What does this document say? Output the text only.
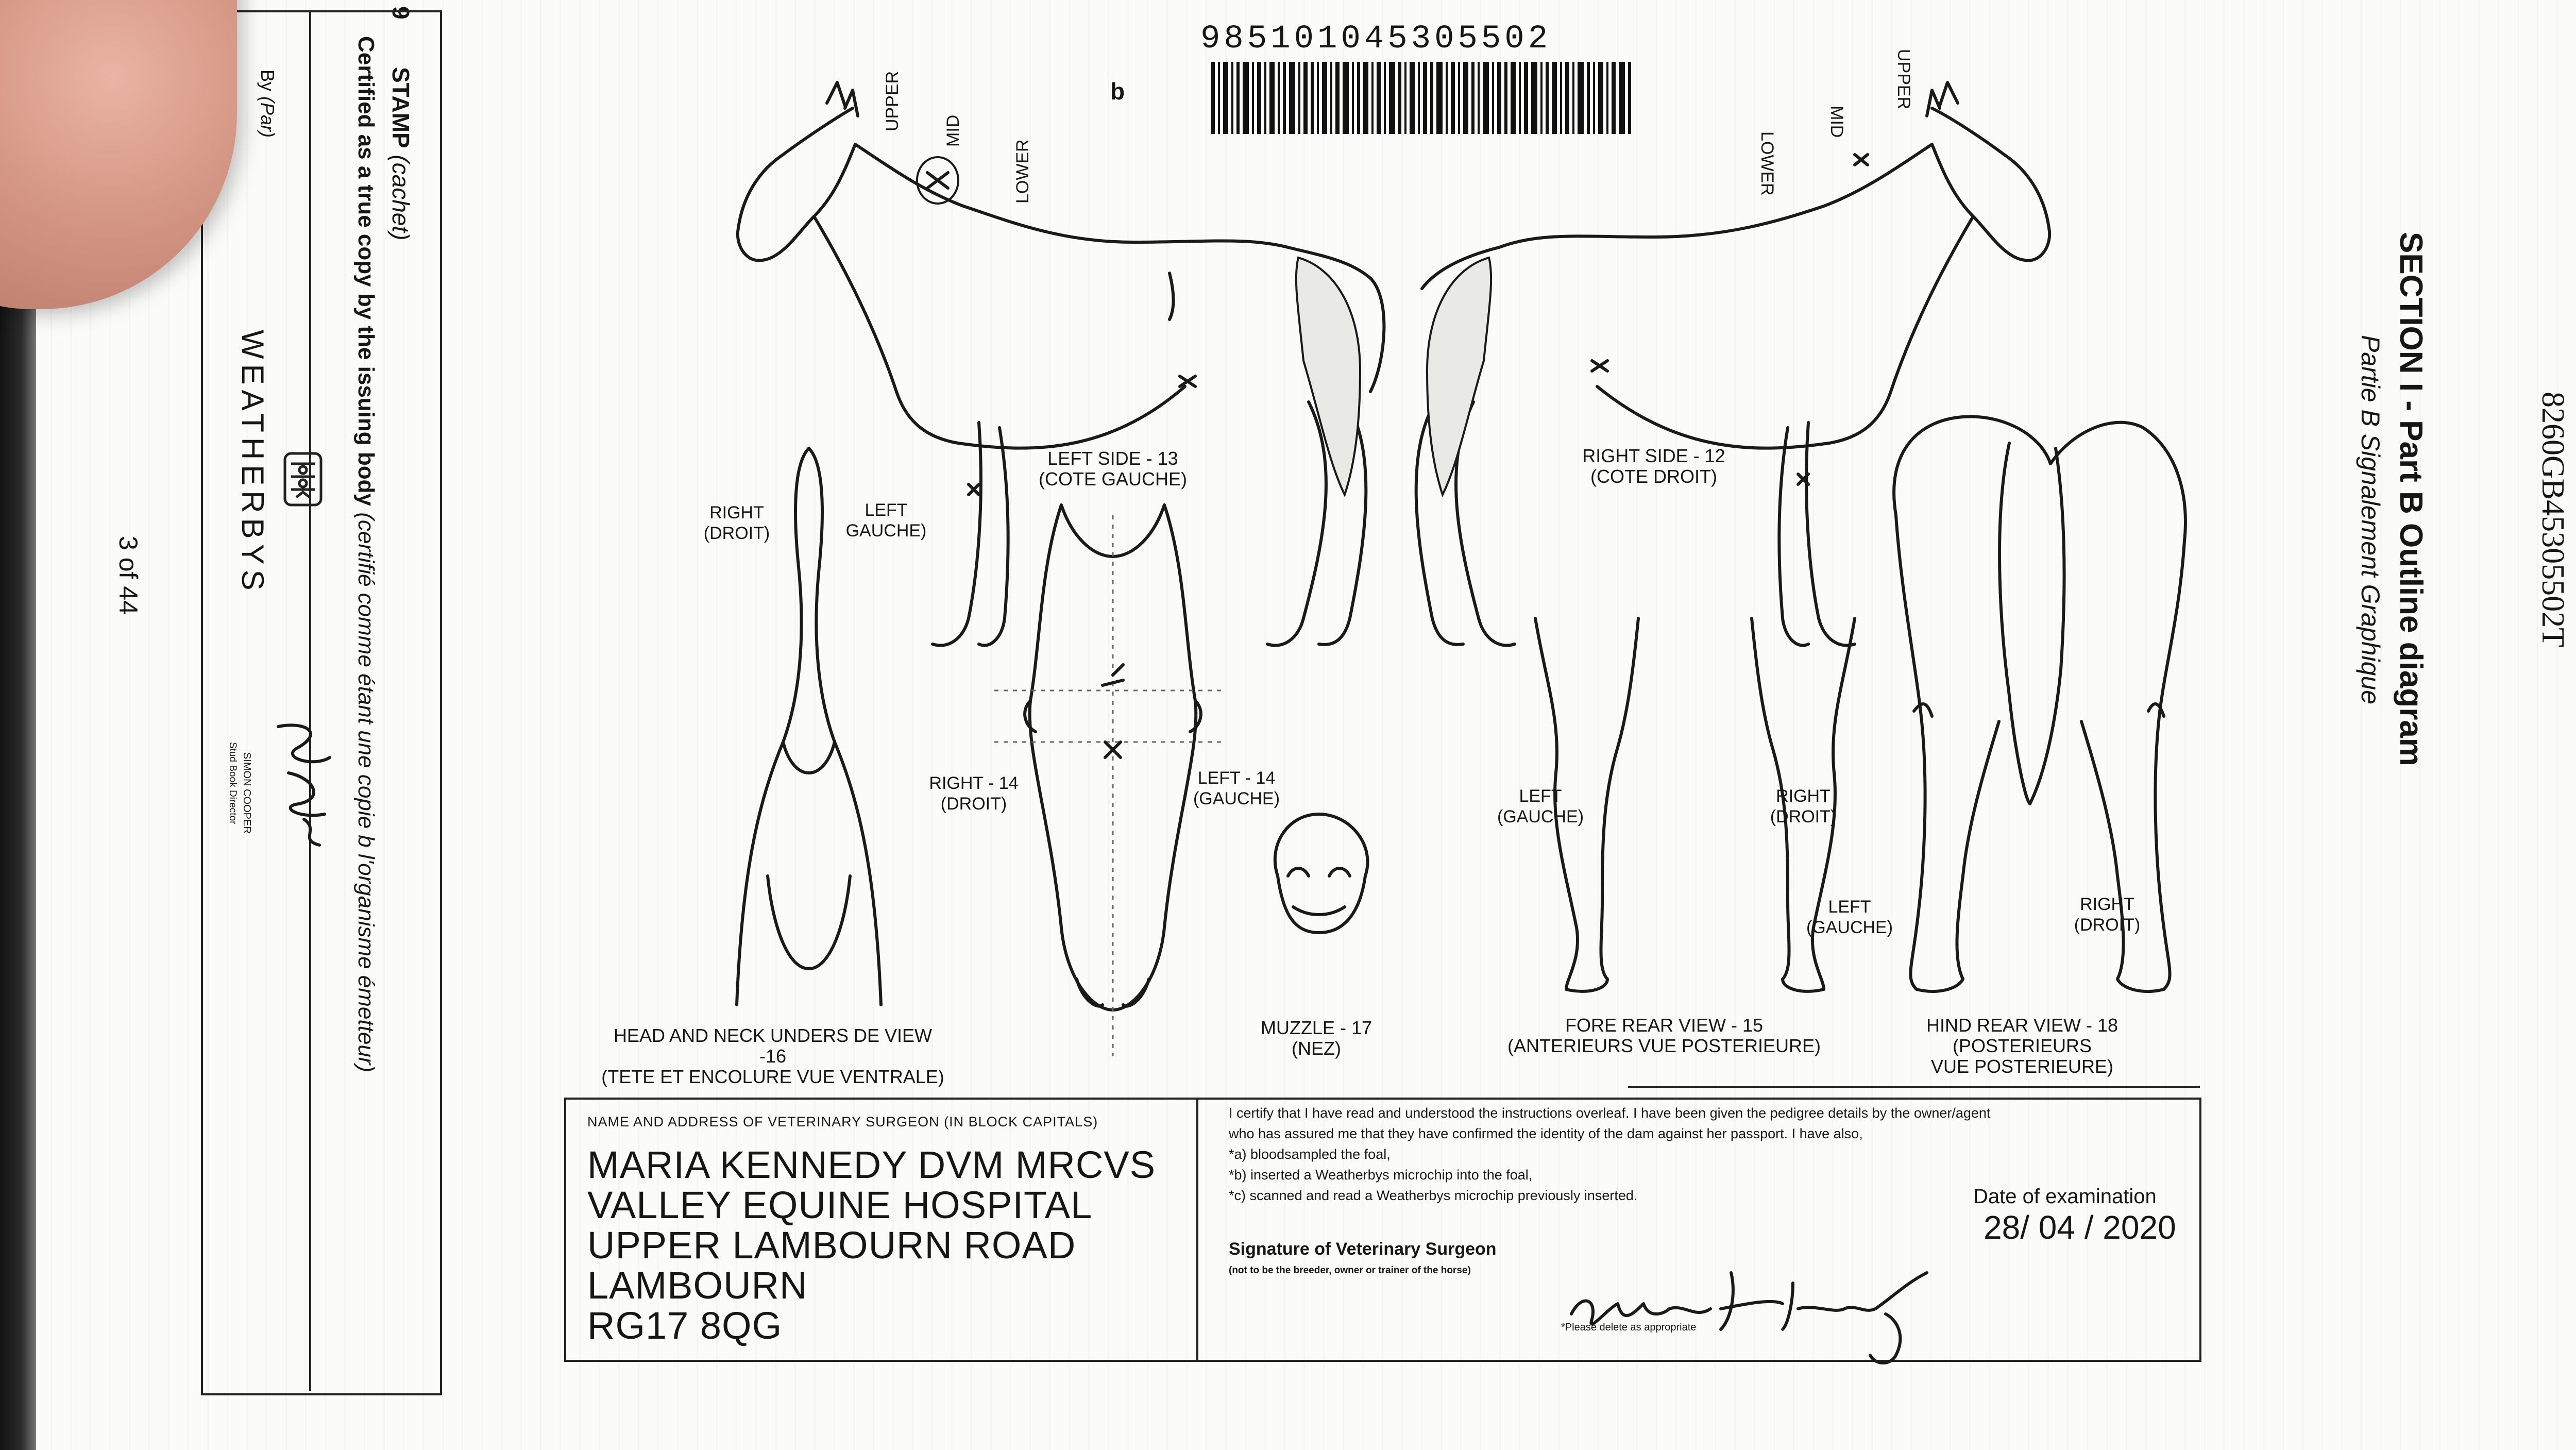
9
STAMP (cachet)
Certified as a true copy by the issuing body (certifié comme étant une copie b l'organisme émetteur)
By (Par)
WEATHERBYS
3 of 44
SIMON COOPER
Stud Book Director
985101045305502
b
SECTION I - Part B Outline diagram
Partie B Signalement Graphique	8260GB45305502T
UPPER MID
LOWER
UPPER
MID
LOWER
LEFT SIDE - 13
(COTE GAUCHE)
RIGHT SIDE - 12
(COTE DROIT)
RIGHT
(DROIT)
LEFT
GAUCHE)
RIGHT - 14
(DROIT)
LEFT - 14
(GAUCHE)	LEFT
(GAUCHE)
RIGHT
(DROIT)
LEFT
(GAUCHE)
RIGHT
(DROIT)
HEAD AND NECK UNDERS DE VIEW -16
(TETE ET ENCOLURE VUE VENTRALE)
MUZZLE - 17
(NEZ)
FORE REAR VIEW - 15
(ANTERIEURS VUE POSTERIEURE)
HIND REAR VIEW - 18 (POSTERIEURS
VUE POSTERIEURE)
NAME AND ADDRESS OF VETERINARY SURGEON (IN BLOCK CAPITALS)
MARIA KENNEDY DVM MRCVS
VALLEY EQUINE HOSPITAL
UPPER LAMBOURN ROAD
LAMBOURN
RG17 8QG
I certify that I have read and understood the instructions overleaf. I have been given the pedigree details by the owner/agent
who has assured me that they have confirmed the identity of the dam against her passport. I have also,
*a) bloodsampled the foal,
*b) inserted a Weatherbys microchip into the foal,
*c) scanned and read a Weatherbys microchip previously inserted.	Date of examination
28/ 04 / 2020
Signature of Veterinary Surgeon
(not to be the breeder, owner or trainer of the horse)
*Please delete as appropriate
